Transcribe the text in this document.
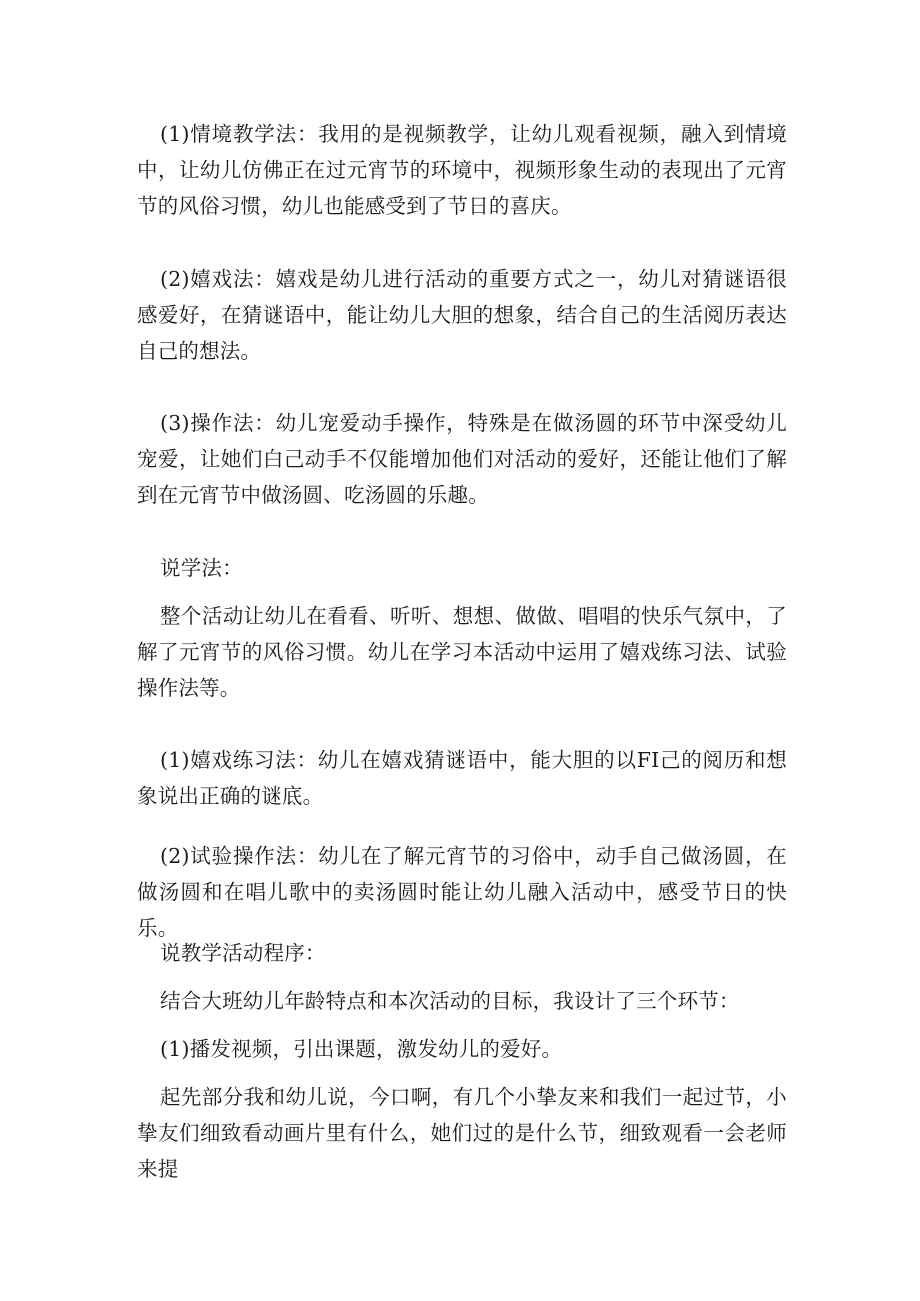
(1)情境教学法：我用的是视频教学，让幼儿观看视频，融入到情境中，让幼儿仿佛正在过元宵节的环境中，视频形象生动的表现出了元宵节的风俗习惯，幼儿也能感受到了节日的喜庆。

(2)嬉戏法：嬉戏是幼儿进行活动的重要方式之一，幼儿对猜谜语很感爱好，在猜谜语中，能让幼儿大胆的想象，结合自己的生活阅历表达自己的想法。

(3)操作法：幼儿宠爱动手操作，特殊是在做汤圆的环节中深受幼儿宠爱，让她们白己动手不仅能增加他们对活动的爱好，还能让他们了解到在元宵节中做汤圆、吃汤圆的乐趣。

说学法：

整个活动让幼儿在看看、听听、想想、做做、唱唱的快乐气氛中，了解了元宵节的风俗习惯。幼儿在学习本活动中运用了嬉戏练习法、试验操作法等。

(1)嬉戏练习法：幼儿在嬉戏猜谜语中，能大胆的以FI己的阅历和想象说出正确的谜底。

(2)试验操作法：幼儿在了解元宵节的习俗中，动手自己做汤圆，在做汤圆和在唱儿歌中的卖汤圆时能让幼儿融入活动中，感受节日的快乐。

说教学活动程序：

结合大班幼儿年龄特点和本次活动的目标，我设计了三个环节：

(1)播发视频，引出课题，激发幼儿的爱好。

起先部分我和幼儿说，今口啊，有几个小挚友来和我们一起过节，小挚友们细致看动画片里有什么，她们过的是什么节，细致观看一会老师来提
